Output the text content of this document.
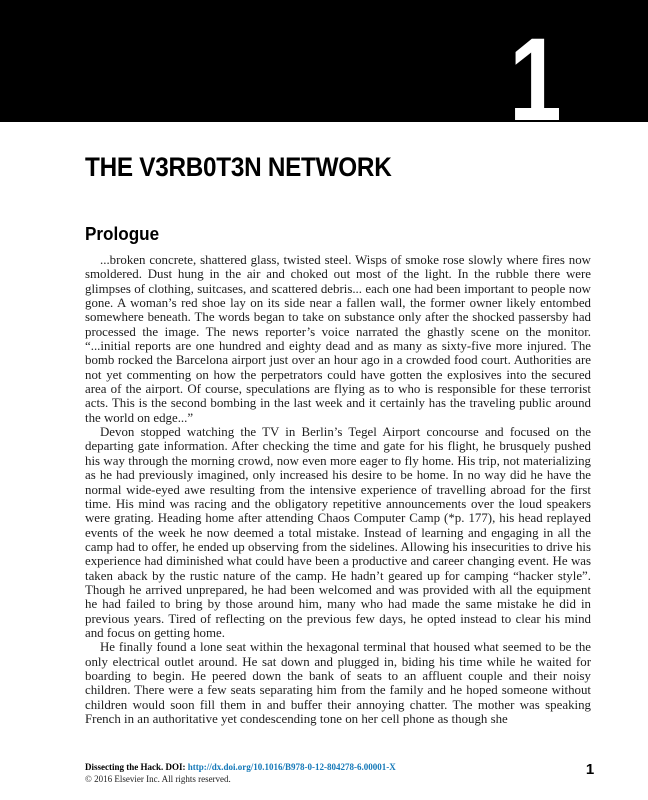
1
THE V3RB0T3N NETWORK
Prologue

...broken concrete, shattered glass, twisted steel. Wisps of smoke rose slowly where fires now smoldered. Dust hung in the air and choked out most of the light. In the rubble there were glimpses of clothing, suitcases, and scattered debris... each one had been important to people now gone. A woman’s red shoe lay on its side near a fallen wall, the former owner likely entombed somewhere beneath. The words began to take on substance only after the shocked passersby had processed the image. The news reporter’s voice narrated the ghastly scene on the monitor. “...initial reports are one hundred and eighty dead and as many as sixty-five more injured. The bomb rocked the Barcelona airport just over an hour ago in a crowded food court. Authorities are not yet commenting on how the perpetrators could have gotten the explosives into the secured area of the airport. Of course, speculations are flying as to who is responsible for these terrorist acts. This is the second bombing in the last week and it certainly has the traveling public around the world on edge...”

Devon stopped watching the TV in Berlin’s Tegel Airport concourse and focused on the departing gate information. After checking the time and gate for his flight, he brusquely pushed his way through the morning crowd, now even more eager to fly home. His trip, not materializing as he had previously imagined, only increased his desire to be home. In no way did he have the normal wide-eyed awe resulting from the intensive experience of travelling abroad for the first time. His mind was racing and the obligatory repetitive announcements over the loud speakers were grating. Heading home after attending Chaos Computer Camp (*p. 177), his head replayed events of the week he now deemed a total mistake. Instead of learning and engaging in all the camp had to offer, he ended up observing from the sidelines. Allowing his insecurities to drive his experience had diminished what could have been a productive and career changing event. He was taken aback by the rustic nature of the camp. He hadn’t geared up for camping “hacker style”. Though he arrived unprepared, he had been welcomed and was provided with all the equipment he had failed to bring by those around him, many who had made the same mistake he did in previous years. Tired of reflecting on the previous few days, he opted instead to clear his mind and focus on getting home.

He finally found a lone seat within the hexagonal terminal that housed what seemed to be the only electrical outlet around. He sat down and plugged in, biding his time while he waited for boarding to begin. He peered down the bank of seats to an affluent couple and their noisy children. There were a few seats separating him from the family and he hoped someone without children would soon fill them in and buffer their annoying chatter. The mother was speaking French in an authoritative yet condescending tone on her cell phone as though she

Dissecting the Hack. DOI: http://dx.doi.org/10.1016/B978-0-12-804278-6.00001-X
© 2016 Elsevier Inc. All rights reserved.
1
